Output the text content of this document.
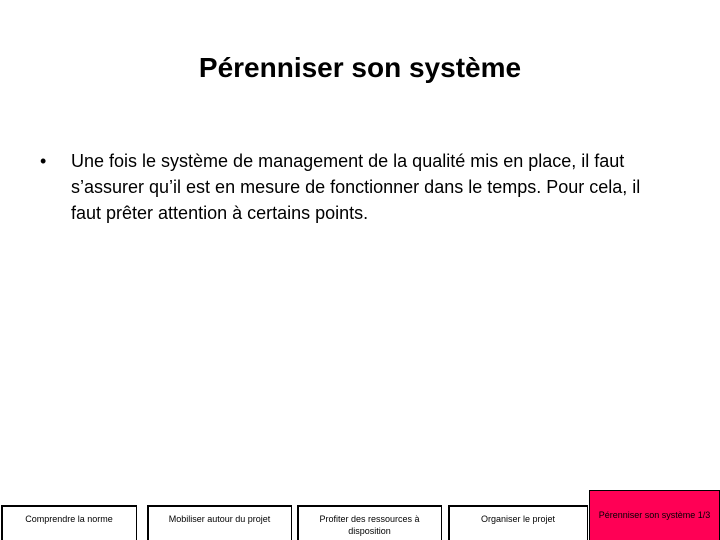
Pérenniser son système
•	Une fois le système de management de la qualité mis en place, il faut s’assurer qu’il est en mesure de fonctionner dans le temps. Pour cela, il faut prêter attention à certains points.
Comprendre la norme	Mobiliser autour du projet	Profiter des ressources à disposition
Organiser le projet	Pérenniser son système 1/3
